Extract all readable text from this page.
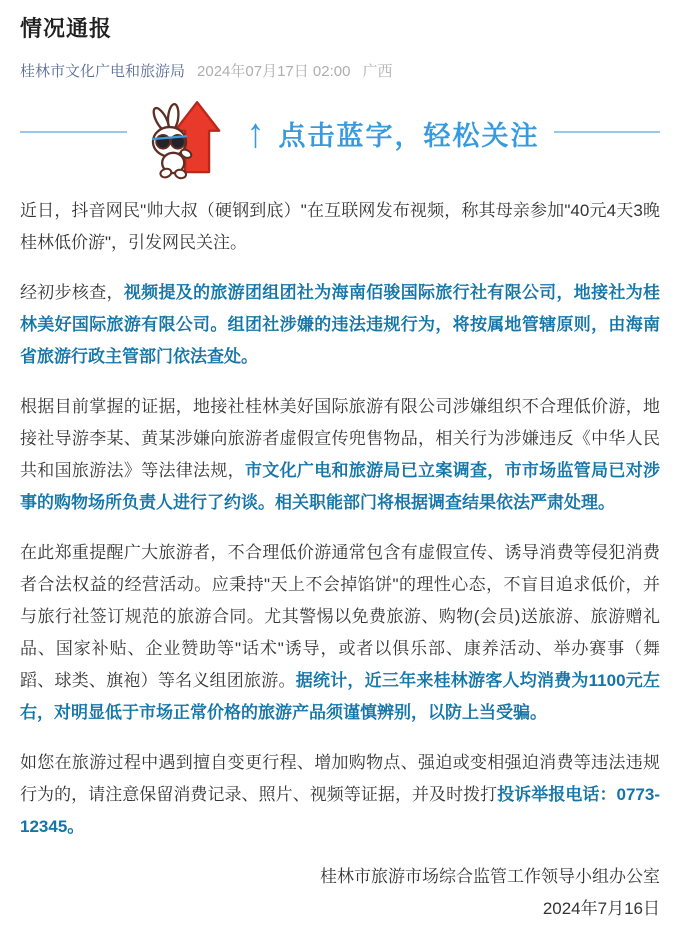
情况通报
桂林市文化广电和旅游局 2024年07月17日 02:00 广西
↑ 点击蓝字，轻松关注

近日，抖音网民"帅大叔（硬钢到底）"在互联网发布视频，称其母亲参加"40元4天3晚桂林低价游"，引发网民关注。

经初步核查，视频提及的旅游团组团社为海南佰骏国际旅行社有限公司，地接社为桂林美好国际旅游有限公司。组团社涉嫌的违法违规行为，将按属地管辖原则，由海南省旅游行政主管部门依法查处。

根据目前掌握的证据，地接社桂林美好国际旅游有限公司涉嫌组织不合理低价游，地接社导游李某、黄某涉嫌向旅游者虚假宣传兜售物品，相关行为涉嫌违反《中华人民共和国旅游法》等法律法规，市文化广电和旅游局已立案调查，市市场监管局已对涉事的购物场所负责人进行了约谈。相关职能部门将根据调查结果依法严肃处理。

在此郑重提醒广大旅游者，不合理低价游通常包含有虚假宣传、诱导消费等侵犯消费者合法权益的经营活动。应秉持"天上不会掉馅饼"的理性心态，不盲目追求低价，并与旅行社签订规范的旅游合同。尤其警惕以免费旅游、购物(会员)送旅游、旅游赠礼品、国家补贴、企业赞助等"话术"诱导，或者以俱乐部、康养活动、举办赛事（舞蹈、球类、旗袍）等名义组团旅游。据统计，近三年来桂林游客人均消费为1100元左右，对明显低于市场正常价格的旅游产品须谨慎辨别，以防上当受骗。

如您在旅游过程中遇到擅自变更行程、增加购物点、强迫或变相强迫消费等违法违规行为的，请注意保留消费记录、照片、视频等证据，并及时拨打投诉举报电话：0773-12345。

桂林市旅游市场综合监管工作领导小组办公室
2024年7月16日
